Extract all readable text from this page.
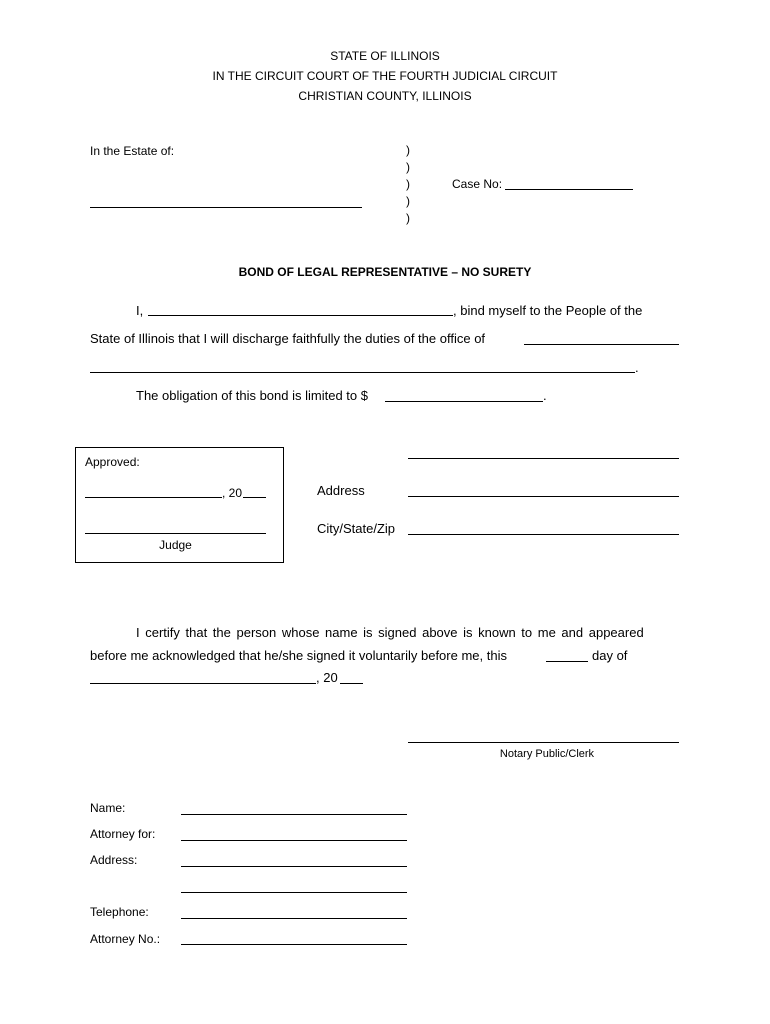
STATE OF ILLINOIS
IN THE CIRCUIT COURT OF THE FOURTH JUDICIAL CIRCUIT
CHRISTIAN COUNTY, ILLINOIS
In the Estate of:	)
)
)
)
)
Case No:
BOND OF LEGAL REPRESENTATIVE – NO SURETY
I,	, bind myself to the People of the
State of Illinois that I will discharge faithfully the duties of the office of
.
The obligation of this bond is limited to $	.
Approved:
, 20
Judge
Address
City/State/Zip
I certify that the person whose name is signed above is known to me and appeared
before me acknowledged that he/she signed it voluntarily before me, this	day of
, 20
Notary Public/Clerk
Name:
Attorney for:
Address:
Telephone:
Attorney No.:
